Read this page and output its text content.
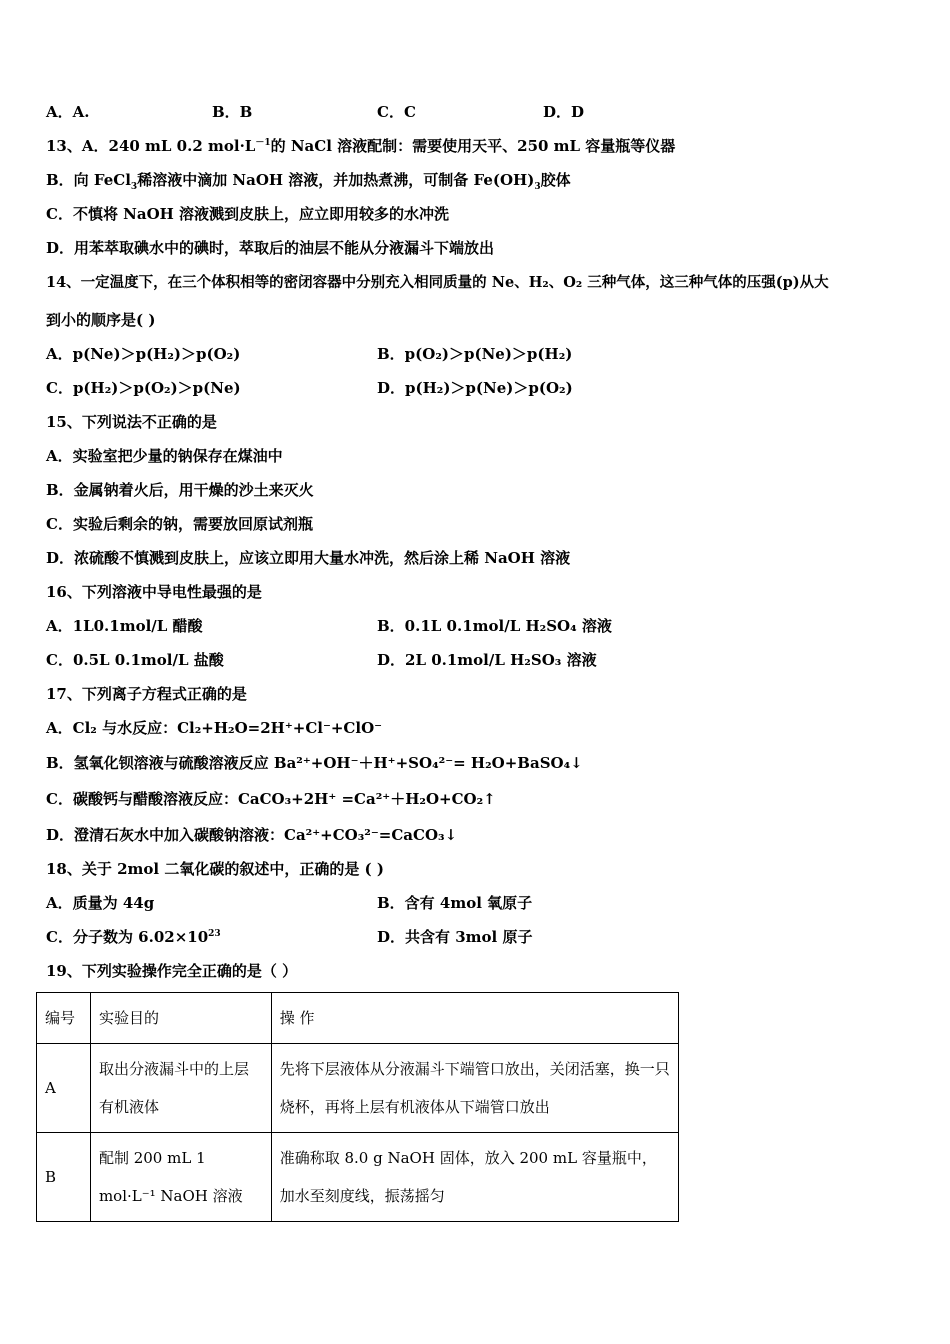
A．A.	B．B	C．C	D．D
13、A．240 mL 0.2 $mol\cdot L^{-1}$的 NaCl 溶液配制：需要使用天平、250 mL 容量瓶等仪器
B．向 FeCl$_3$稀溶液中滴加 NaOH 溶液，并加热煮沸，可制备 $Fe(OH)_3$胶体
C．不慎将 NaOH 溶液溅到皮肤上，应立即用较多的水冲洗
D．用苯萃取碘水中的碘时，萃取后的油层不能从分液漏斗下端放出
14、一定温度下，在三个体积相等的密闭容器中分别充入相同质量的 Ne、H₂、O₂ 三种气体，这三种气体的压强(p)从大
到小的顺序是( )
A．p(Ne)＞p(H₂)＞p(O₂)	B．p(O₂)＞p(Ne)＞p(H₂)
C．p(H₂)＞p(O₂)＞p(Ne)	D．p(H₂)＞p(Ne)＞p(O₂)
15、下列说法不正确的是
A．实验室把少量的钠保存在煤油中
B．金属钠着火后，用干燥的沙土来灭火
C．实验后剩余的钠，需要放回原试剂瓶
D．浓硫酸不慎溅到皮肤上，应该立即用大量水冲洗，然后涂上稀 NaOH 溶液
16、下列溶液中导电性最强的是
A．1L0.1mol/L 醋酸	B．0.1L 0.1mol/L H₂SO₄ 溶液
C．0.5L 0.1mol/L 盐酸	D．2L 0.1mol/L H₂SO₃ 溶液
17、下列离子方程式正确的是
A．Cl₂ 与水反应：Cl₂+H₂O=2H⁺+Cl⁻+ClO⁻
B．氢氧化钡溶液与硫酸溶液反应 Ba²⁺+OH⁻＋H⁺+SO₄²⁻= H₂O+BaSO₄↓
C．碳酸钙与醋酸溶液反应：CaCO₃+2H⁺ =Ca²⁺＋H₂O+CO₂↑
D．澄清石灰水中加入碳酸钠溶液：Ca²⁺+CO₃²⁻=CaCO₃↓
18、关于 2mol 二氧化碳的叙述中，正确的是 ( )
A．质量为 44g	B．含有 4mol 氧原子
C．分子数为 $6.02\times 10^{23}$	D．共含有 3mol 原子
19、下列实验操作完全正确的是（ ）
编号	实验目的	操 作
A	取出分液漏斗中的上层有机液体	先将下层液体从分液漏斗下端管口放出，关闭活塞，换一只烧杯，再将上层有机液体从下端管口放出
B	配制 200 mL 1 mol·L⁻¹ NaOH 溶液	准确称取 8.0 g NaOH 固体，放入 200 mL 容量瓶中，加水至刻度线，振荡摇匀
